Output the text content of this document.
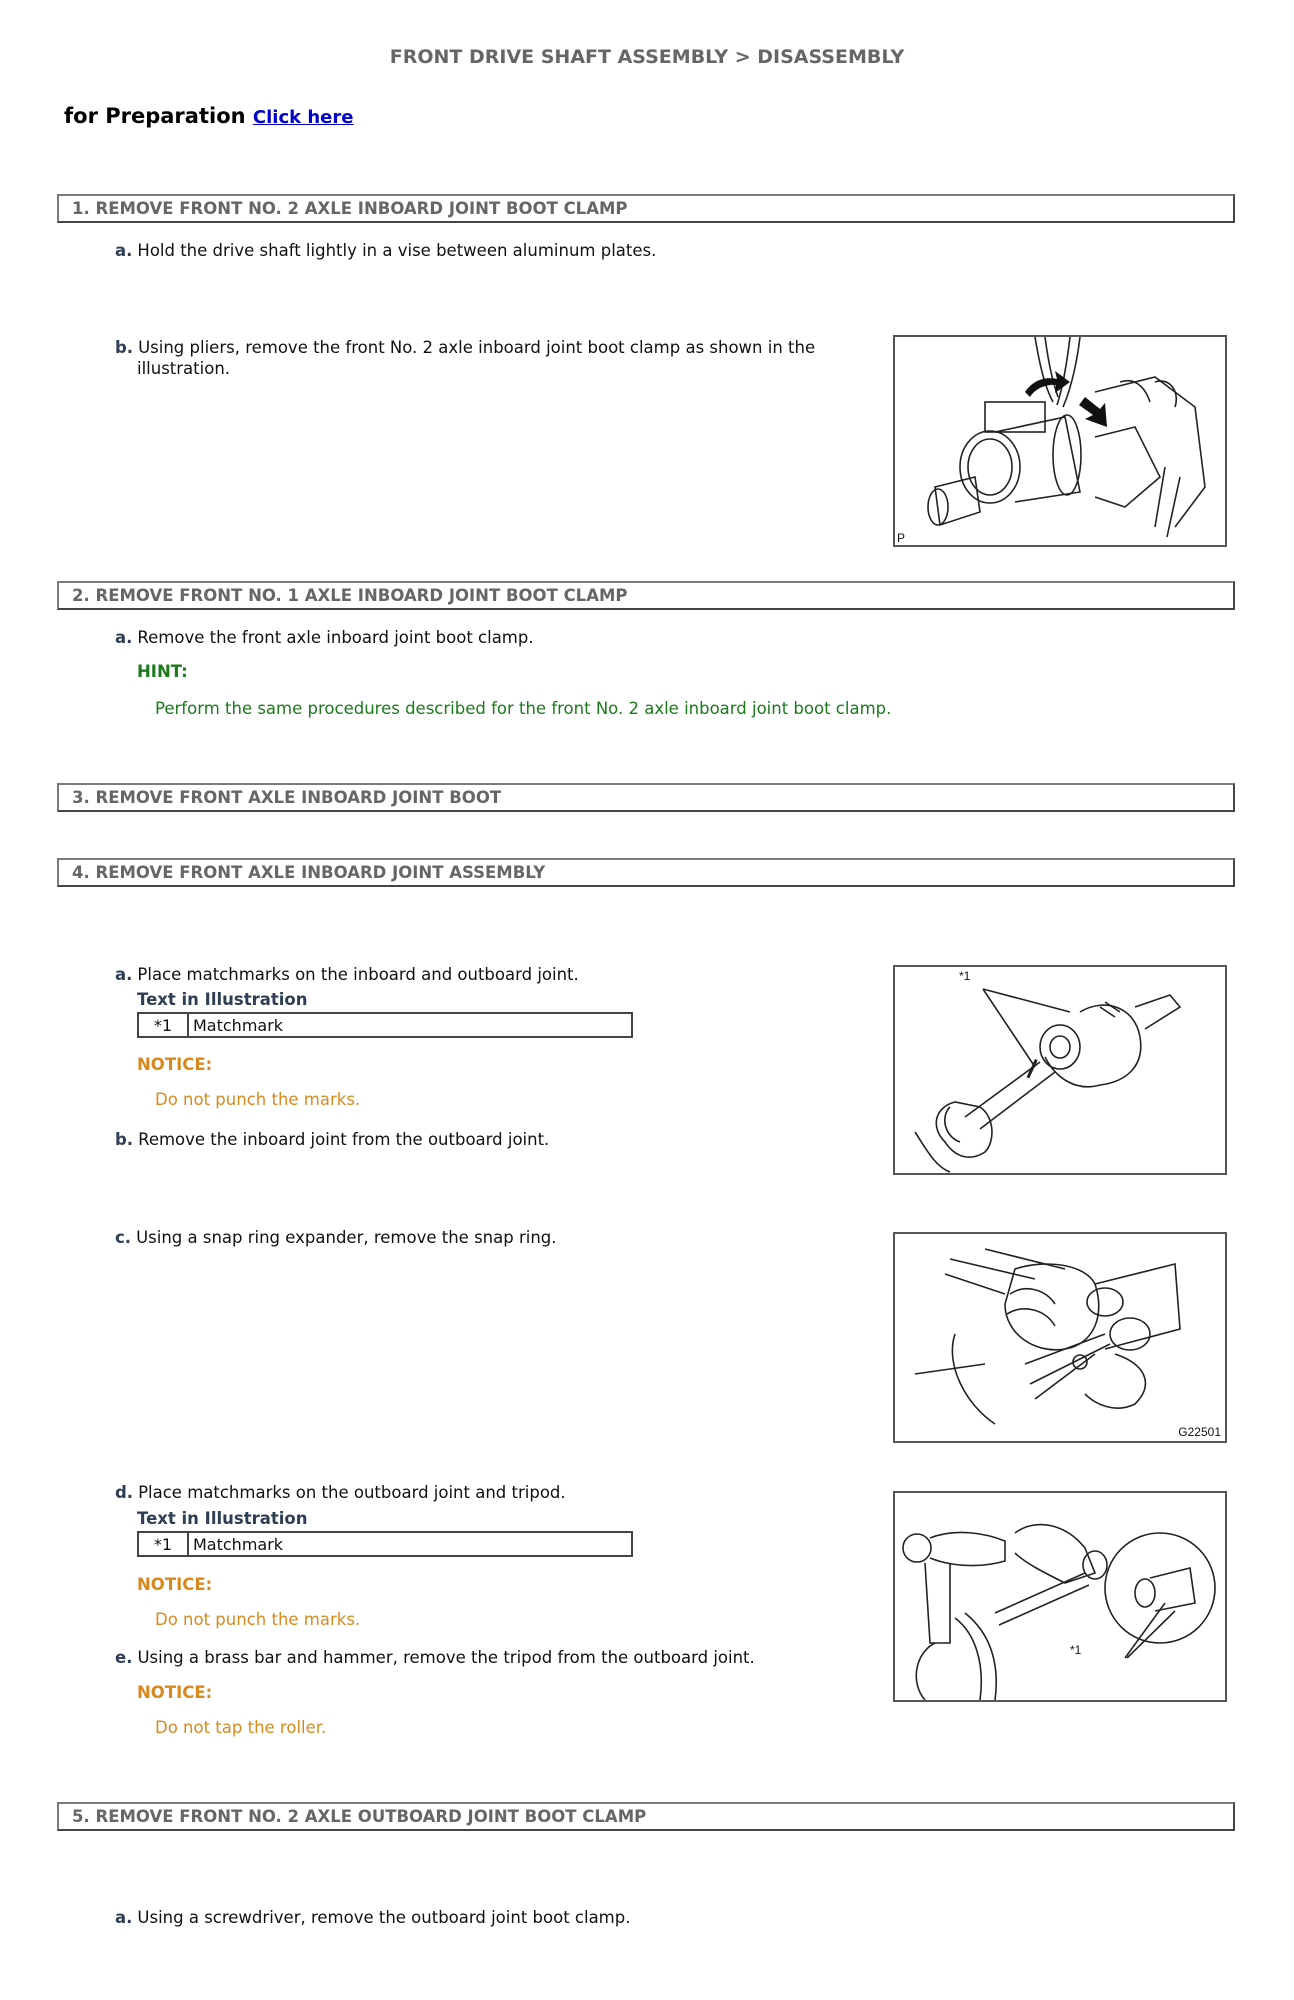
FRONT DRIVE SHAFT ASSEMBLY > DISASSEMBLY
for Preparation Click here
1. REMOVE FRONT NO. 2 AXLE INBOARD JOINT BOOT CLAMP
a. Hold the drive shaft lightly in a vise between aluminum plates.
b. Using pliers, remove the front No. 2 axle inboard joint boot clamp as shown in the illustration.
P
2. REMOVE FRONT NO. 1 AXLE INBOARD JOINT BOOT CLAMP
a. Remove the front axle inboard joint boot clamp.
HINT:
Perform the same procedures described for the front No. 2 axle inboard joint boot clamp.
3. REMOVE FRONT AXLE INBOARD JOINT BOOT
4. REMOVE FRONT AXLE INBOARD JOINT ASSEMBLY
a. Place matchmarks on the inboard and outboard joint.
Text in Illustration
*1	Matchmark
NOTICE:
Do not punch the marks.
*1
b. Remove the inboard joint from the outboard joint.
c. Using a snap ring expander, remove the snap ring.
G22501
d. Place matchmarks on the outboard joint and tripod.
Text in Illustration
*1	Matchmark
NOTICE:
Do not punch the marks.
*1
e. Using a brass bar and hammer, remove the tripod from the outboard joint.
NOTICE:
Do not tap the roller.
5. REMOVE FRONT NO. 2 AXLE OUTBOARD JOINT BOOT CLAMP
a. Using a screwdriver, remove the outboard joint boot clamp.
